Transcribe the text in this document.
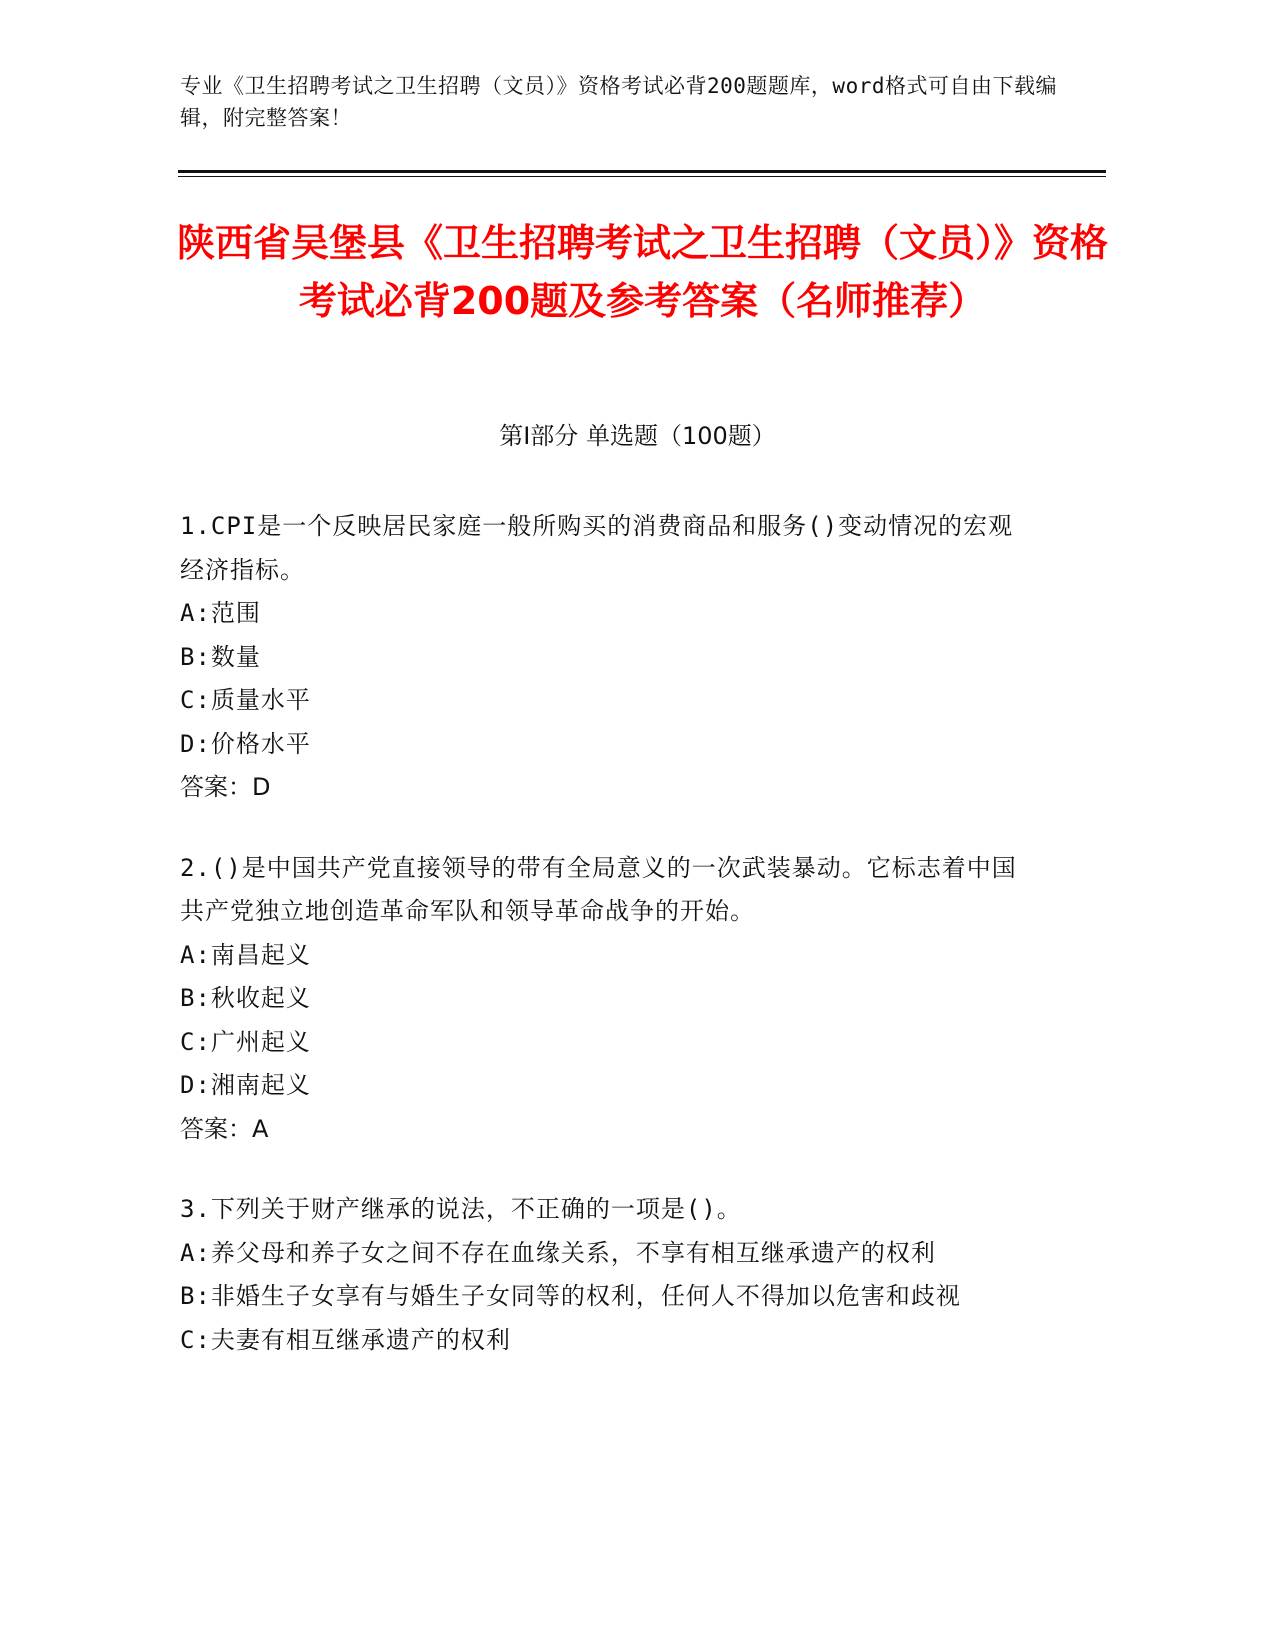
专业《卫生招聘考试之卫生招聘（文员）》资格考试必背200题题库，word格式可自由下载编辑，附完整答案！
陕西省吴堡县《卫生招聘考试之卫生招聘（文员）》资格考试必背200题及参考答案（名师推荐）
第Ⅰ部分 单选题（100题）

1.CPI是一个反映居民家庭一般所购买的消费商品和服务()变动情况的宏观经济指标。

A: 范围

B: 数量

C: 质量水平

D: 价格水平

答案：D

2.()是中国共产党直接领导的带有全局意义的一次武装暴动。它标志着中国共产党独立地创造革命军队和领导革命战争的开始。

A: 南昌起义

B: 秋收起义

C: 广州起义

D: 湘南起义

答案：A

3.下列关于财产继承的说法，不正确的一项是()。

A: 养父母和养子女之间不存在血缘关系，不享有相互继承遗产的权利

B: 非婚生子女享有与婚生子女同等的权利，任何人不得加以危害和歧视

C: 夫妻有相互继承遗产的权利
